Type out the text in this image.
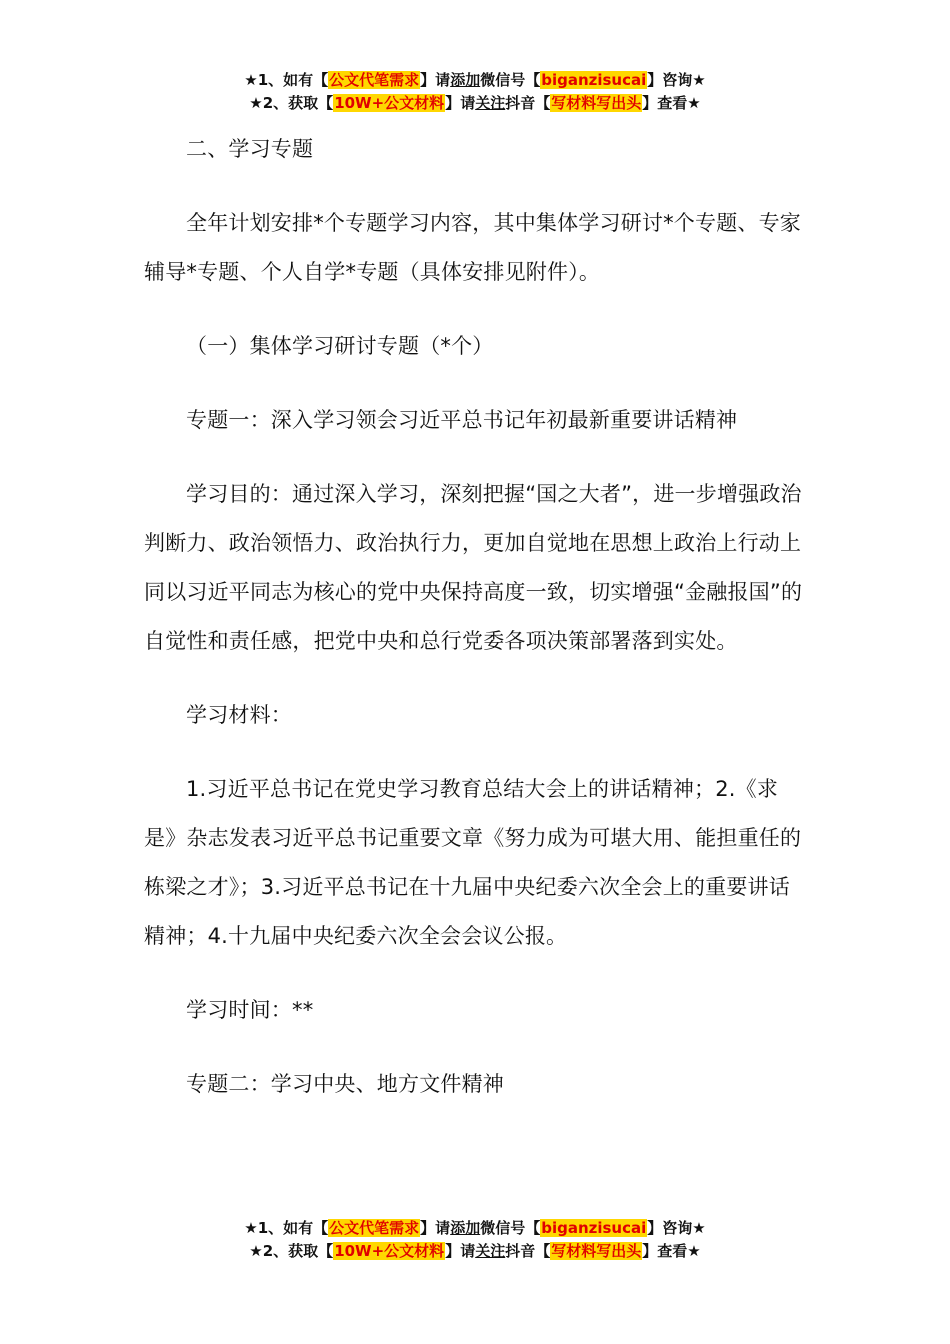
★1、如有【公文代笔需求】请添加微信号【biganzisucai】咨询★
★2、获取【10W+公文材料】请关注抖音【写材料写出头】查看★

二、学习专题

全年计划安排*个专题学习内容，其中集体学习研讨*个专题、专家辅导*专题、个人自学*专题（具体安排见附件）。

（一）集体学习研讨专题（*个）

专题一：深入学习领会习近平总书记年初最新重要讲话精神

学习目的：通过深入学习，深刻把握“国之大者”，进一步增强政治判断力、政治领悟力、政治执行力，更加自觉地在思想上政治上行动上同以习近平同志为核心的党中央保持高度一致，切实增强“金融报国”的自觉性和责任感，把党中央和总行党委各项决策部署落到实处。

学习材料：

1.习近平总书记在党史学习教育总结大会上的讲话精神；2.《求是》杂志发表习近平总书记重要文章《努力成为可堪大用、能担重任的栋梁之才》；3.习近平总书记在十九届中央纪委六次全会上的重要讲话精神；4.十九届中央纪委六次全会会议公报。

学习时间：**

专题二：学习中央、地方文件精神

★1、如有【公文代笔需求】请添加微信号【biganzisucai】咨询★
★2、获取【10W+公文材料】请关注抖音【写材料写出头】查看★
